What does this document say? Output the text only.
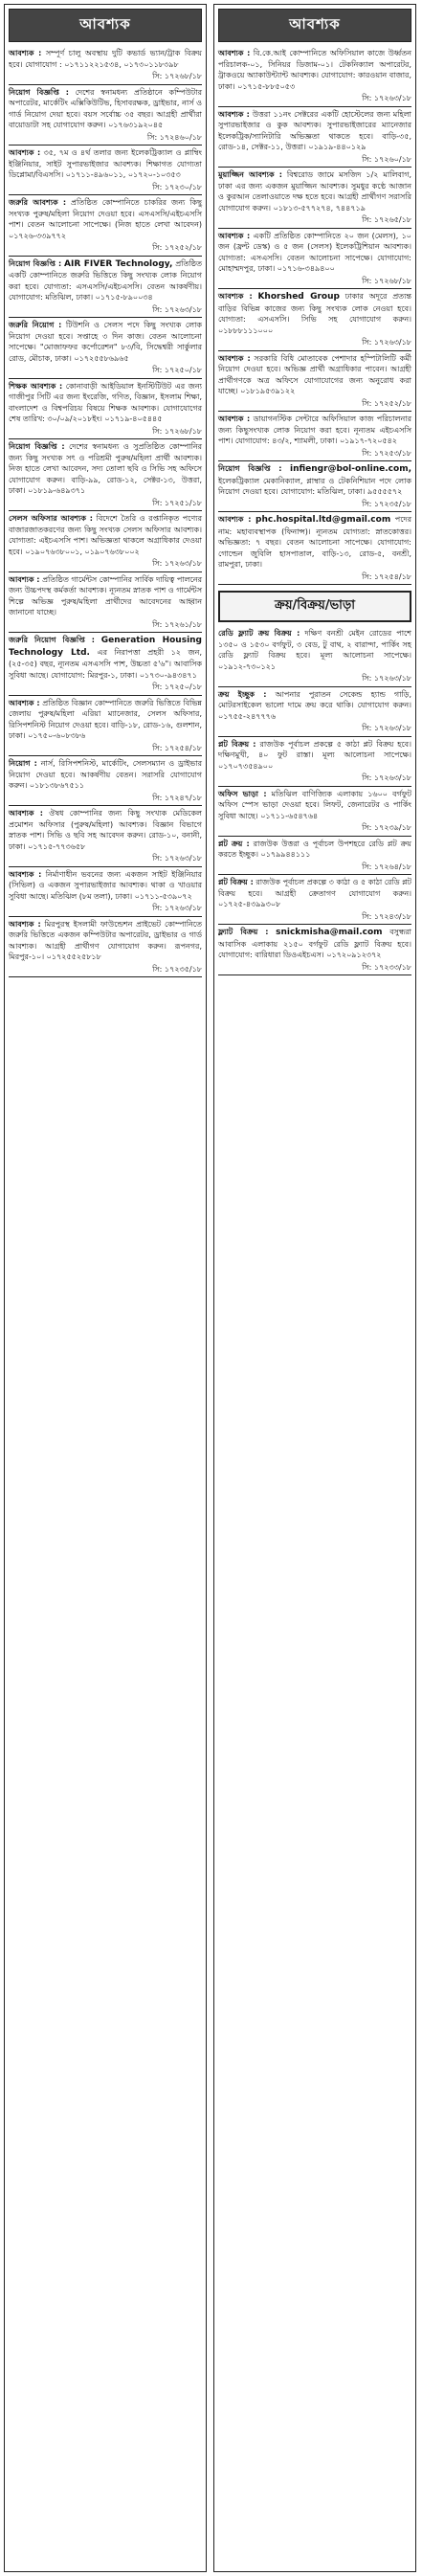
আবশ্যক
আবশ্যক : সম্পূর্ণ চালু অবস্থায় দুটি কভার্ড ভ্যান/ট্রাক বিক্রয় হবে। যোগাযোগ : ০১৭১১২২১৫৩৪, ০১৭৩০১১৮৩৯৮
সি: ১৭২৬৮/১৮
নিয়োগ বিজ্ঞপ্তি : দেশের স্বনামধন্য প্রতিষ্ঠানে কম্পিউটার অপারেটর, মার্কেটিং এক্সিকিউটিভ, হিসাবরক্ষক, ড্রাইভার, নার্স ও গার্ড নিয়োগ দেয়া হবে। বয়স সর্বোচ্চ ৩৫ বছর। আগ্রহী প্রার্থীরা বায়োডাটা সহ যোগাযোগ করুন। ০১৭৬৩১৯২০৪৫
সি: ১৭২৪৬০/১৮
আবশ্যক : ৩৫, ৭ম ও ৪র্থ তলার জন্য ইলেকট্রিক্যাল ও প্লাম্বিং ইঞ্জিনিয়ার, সাইট সুপারভাইজার আবশ্যক। শিক্ষাগত যোগ্যতা ডিপ্লোমা/বিএসসি। ০১৭১১-৪৯৬০১১, ০১৭২০-১০৩৫৩
সি: ১৭২৩০/১৮
জরুরি আবশ্যক : প্রতিষ্ঠিত কোম্পানিতে চাকরির জন্য কিছু সংখ্যক পুরুষ/মহিলা নিয়োগ দেওয়া হবে। এসএসসি/এইচএসসি পাশ। বেতন আলোচনা সাপেক্ষে। (নিজ হাতে লেখা আবেদন) ০১৭২৬-৩৩৯৭৭২
সি: ১৭২৫২/১৮
নিয়োগ বিজ্ঞপ্তি : AIR FIVER Technology, প্রতিষ্ঠিত একটি কোম্পানিতে জরুরি ভিত্তিতে কিছু সংখ্যক লোক নিয়োগ করা হবে। যোগ্যতা: এসএসসি/এইচএসসি। বেতন আকর্ষণীয়। যোগাযোগ: মতিঝিল, ঢাকা। ০১৭১৫-৮৯০০৩৪
সি: ১৭২৬৩/১৮
জরুরি নিয়োগ : টিউশনি ও সেলস পদে কিছু সংখ্যক লোক নিয়োগ দেওয়া হবে। সপ্তাহে ৩ দিন কাজ। বেতন আলোচনা সাপেক্ষে। "মোজাফফর কর্পোরেশন" ৮৩/বি, সিদ্ধেশ্বরী সার্কুলার রোড, মৌচাক, ঢাকা। ০১৭২৫৫৮৬৯৬৫
সি: ১৭২৫০/১৮
শিক্ষক আবশ্যক : কোনাবাড়ী আইডিয়াল ইনস্টিটিউট এর জন্য গাজীপুর সিটি এর জন্য ইংরেজি, গণিত, বিজ্ঞান, ইসলাম শিক্ষা, বাংলাদেশ ও বিশ্বপরিচয় বিষয়ে শিক্ষক আবশ্যক। যোগাযোগের শেষ তারিখ: ৩০/০৯/২০১৮ইং। ০১৭১৯-৪০৫৪৪৫
সি: ১৭২৬৮/১৮
নিয়োগ বিজ্ঞপ্তি : দেশের স্বনামধন্য ও সুপ্রতিষ্ঠিত কোম্পানির জন্য কিছু সংখ্যক সৎ ও পরিশ্রমী পুরুষ/মহিলা প্রার্থী আবশ্যক। নিজ হাতে লেখা আবেদন, সদ্য তোলা ছবি ও সিভি সহ অফিসে যোগাযোগ করুন। বাড়ি-৯৯, রোড-১২, সেক্টর-১৩, উত্তরা, ঢাকা। ০১৮১৯-৬৪৯৩৭১
সি: ১৭২৫১/১৮
সেলস অফিসার আবশ্যক : বিদেশে তৈরি ও রপ্তানিকৃত পণ্যের বাজারজাতকরণের জন্য কিছু সংখ্যক সেলস অফিসার আবশ্যক। যোগ্যতা: এইচএসসি পাশ। অভিজ্ঞতা থাকলে অগ্রাধিকার দেওয়া হবে। ০১৯০৭৬৩৮০০১, ০১৯০৭৬৩৮০০২
সি: ১৭২৬৩/১৮
আবশ্যক : প্রতিষ্ঠিত গার্মেন্টস কোম্পানির সার্বিক দায়িত্ব পালনের জন্য উচ্চপদস্থ কর্মকর্তা আবশ্যক। ন্যূনতম স্নাতক পাশ ও গার্মেন্টস শিল্পে অভিজ্ঞ পুরুষ/মহিলা প্রার্থীদের আবেদনের আহ্বান জানানো যাচ্ছে।
সি: ১৭২৬১/১৮
জরুরি নিয়োগ বিজ্ঞপ্তি : Generation Housing Technology Ltd. এর নিরাপত্তা প্রহরী ১২ জন, (২৫-৩৫) বছর, ন্যূনতম এসএসসি পাশ, উচ্চতা ৫'৬"। আবাসিক সুবিধা আছে। যোগাযোগ: মিরপুর-১, ঢাকা। ০১৭৩০-৯৪৩৪৭১
সি: ১৭২৫০/১৮
আবশ্যক : প্রতিষ্ঠিত বিজ্ঞান কোম্পানিতে জরুরি ভিত্তিতে বিভিন্ন জেলায় পুরুষ/মহিলা এরিয়া ম্যানেজার, সেলস অফিসার, রিসিপশনিস্ট নিয়োগ দেওয়া হবে। বাড়ি-১৮, রোড-১৬, গুলশান, ঢাকা। ০১৭৫০-৬০৮৩৮৬
সি: ১৭২৫৪/১৮
নিয়োগ : নার্স, রিসিপশনিস্ট, মার্কেটিং, সেলসম্যান ও ড্রাইভার নিয়োগ দেওয়া হবে। আকর্ষণীয় বেতন। সরাসরি যোগাযোগ করুন। ০১৮১৩৮৬৭৫১১
সি: ১৭২৪৭/১৮
আবশ্যক : ঔষধ কোম্পানির জন্য কিছু সংখ্যক মেডিকেল প্রমোশন অফিসার (পুরুষ/মহিলা) আবশ্যক। বিজ্ঞান বিভাগে স্নাতক পাশ। সিভি ও ছবি সহ আবেদন করুন। রোড-১০, বনানী, ঢাকা। ০১৭১৫-৭৭৩৬৫৮
সি: ১৭২৬৩/১৮
আবশ্যক : নির্মাণাধীন ভবনের জন্য একজন সাইট ইঞ্জিনিয়ার (সিভিল) ও একজন সুপারভাইজার আবশ্যক। থাকা ও খাওয়ার সুবিধা আছে। মতিঝিল (৮ম তলা), ঢাকা। ০১৭১১-৫৩৯০৭২
সি: ১৭২৬৩/১৮
আবশ্যক : মিরপুরস্থ ইসলামী ফাউন্ডেশন প্রাইভেট কোম্পানিতে জরুরি ভিত্তিতে একজন কম্পিউটার অপারেটর, ড্রাইভার ও গার্ড আবশ্যক। আগ্রহী প্রার্থীগণ যোগাযোগ করুন। রূপনগর, মিরপুর-১০। ০১৭২৫৫২৫৮১৮
সি: ১৭২৩৫/১৮
আবশ্যক
আবশ্যক : বি.কে.আই কোম্পানিতে অফিসিয়াল কাজে উর্ধ্বতন পরিচালক-০১, সিনিয়র ডিজাম-০১। টেকনিক্যাল অপারেটর, ট্রাকওয়ে অ্যাকাউন্ট্যান্ট আবশ্যক। যোগাযোগ: কারওয়ান বাজার, ঢাকা। ০১৭১৫-৮৮৫০৫৩
সি: ১৭২৬৩/১৮
আবশ্যক : উত্তরা ১১নং সেক্টরের একটি হোস্টেলের জন্য মহিলা সুপারভাইজার ও কুক আবশ্যক। সুপারভাইজারের ম্যানেজার ইলেকট্রিক/স্যানিটারি অভিজ্ঞতা থাকতে হবে। বাড়ি-৩৫, রোড-১৪, সেক্টর-১১, উত্তরা। ০১৯১৯-৪৪০১২৯
সি: ১৭২৬০/১৮
মুয়াজ্জিন আবশ্যক : বিশ্বরোড জামে মসজিদ ১/২ মালিবাগ, ঢাকা এর জন্য একজন মুয়াজ্জিন আবশ্যক। সুমধুর কণ্ঠে আজান ও কুরআন তেলাওয়াতে দক্ষ হতে হবে। আগ্রহী প্রার্থীগণ সরাসরি যোগাযোগ করুন। ০১৮১৩-৫৭৭২৭৪, ৭৪৪৭১৯
সি: ১৭২৬৫/১৮
আবশ্যক : একটি প্রতিষ্ঠিত কোম্পানিতে ২০ জন (মেলস), ১০ জন (ফ্রন্ট ডেস্ক) ও ৫ জন (সেলস) ইলেকট্রিশিয়ান আবশ্যক। যোগ্যতা: এসএসসি। বেতন আলোচনা সাপেক্ষে। যোগাযোগ: মোহাম্মদপুর, ঢাকা। ০১৭১৬-৩৪৯৪০০
সি: ১৭২৬৮/১৮
আবশ্যক : Khorshed Group ঢাকার অদূরে প্রত্যন্ত বাড়ির বিভিন্ন কাজের জন্য কিছু সংখ্যক লোক নেওয়া হবে। যোগ্যতা: এসএসসি। সিভি সহ যোগাযোগ করুন। ০১৮৮৮১১১০০০
সি: ১৭২৬৩/১৮
আবশ্যক : সরকারি বিধি মোতাবেক পেশাদার হস্পিটালিটি কর্মী নিয়োগ দেওয়া হবে। অভিজ্ঞ প্রার্থী অগ্রাধিকার পাবেন। আগ্রহী প্রার্থীগণকে অত্র অফিসে যোগাযোগের জন্য অনুরোধ করা যাচ্ছে। ০১৮১৯৫৩৯১২২
সি: ১৭২৫২/১৮
আবশ্যক : ডায়াগনস্টিক সেন্টারে অফিসিয়াল কাজ পরিচালনার জন্য কিছুসংখ্যক লোক নিয়োগ করা হবে। নূন্যতম এইচএসসি পাশ। যোগাযোগ: ৪৩/২, শ্যামলী, ঢাকা। ০১৯১৭-৭২০৫৪২
সি: ১৭২৫৩/১৮
নিয়োগ বিজ্ঞপ্তি : infiengr@bol-online.com, ইলেকট্রিক্যাল মেকানিক্যাল, প্লাম্বার ও টেকনিশিয়ান পদে লোক নিয়োগ দেওয়া হবে। যোগাযোগ: মতিঝিল, ঢাকা। ৯৫৫৫৫৭২
সি: ১৭২৩৫/১৮
আবশ্যক : phc.hospital.ltd@gmail.com পদের নাম: মহাব্যবস্থাপক (ফিনান্স)। ন্যূনতম যোগ্যতা: স্নাতকোত্তর। অভিজ্ঞতা: ৭ বছর। বেতন আলোচনা সাপেক্ষে। যোগাযোগ: গোল্ডেন জুবিলি হাসপাতাল, বাড়ি-১৩, রোড-৫, বনশ্রী, রামপুরা, ঢাকা।
সি: ১৭২৫৪/১৮
ক্রয়/বিক্রয়/ভাড়া
রেডি ফ্ল্যাট ক্রয় বিক্রয় : দক্ষিণ বনশ্রী মেইন রোডের পাশে ১৩৫০ ও ১৫৩০ বর্গফুট, ৩ বেড, টু বাথ, ২ বারান্দা, পার্কিং সহ রেডি ফ্ল্যাট বিক্রয় হবে। মূল্য আলোচনা সাপেক্ষে। ০১৯১২-৭৩০১২১
সি: ১৭২৬৩/১৮
ক্রয় ইচ্ছুক : আপনার পুরাতন সেকেন্ড হ্যান্ড গাড়ি, মোটরসাইকেল ভালো দামে ক্রয় করে থাকি। যোগাযোগ করুন। ০১৭৫৫-২৪৭৭৭৬
সি: ১৭২৬৩/১৮
প্লট বিক্রয় : রাজউক পূর্বাচল প্রকল্পে ৫ কাঠা প্লট বিক্রয় হবে। দক্ষিণমুখী, ৪০ ফুট রাস্তা। মূল্য আলোচনা সাপেক্ষে। ০১৭০৭৩৫৪৯০০
সি: ১৭২৬৩/১৮
অফিস ভাড়া : মতিঝিল বাণিজ্যিক এলাকায় ১৬০০ বর্গফুট অফিস স্পেস ভাড়া দেওয়া হবে। লিফট, জেনারেটর ও পার্কিং সুবিধা আছে। ০১৭১১-৬৫৪৭৬৪
সি: ১৭২৩৯/১৮
প্লট ক্রয় : রাজউক উত্তরা ও পূর্বাচল উপশহরে রেডি প্লট ক্রয় করতে ইচ্ছুক। ০১৭৯৯৪৪১১১
সি: ১৭২৬৪/১৮
প্লট বিক্রয় : রাজউক পূর্বাচল প্রকল্পে ৩ কাঠা ও ৫ কাঠা রেডি প্লট বিক্রয় হবে। আগ্রহী ক্রেতাগণ যোগাযোগ করুন। ০১৭২৫-৪৩৯৯৩০৮
সি: ১৭২৪৩/১৮
ফ্ল্যাট বিক্রয় : snickmisha@mail.com বসুন্ধরা আবাসিক এলাকায় ২১৫০ বর্গফুট রেডি ফ্ল্যাট বিক্রয় হবে। যোগাযোগ: বারিধারা ডিওএইচএস। ০১৭২০৯১২৩৭২
সি: ১৭২৩৩/১৮
